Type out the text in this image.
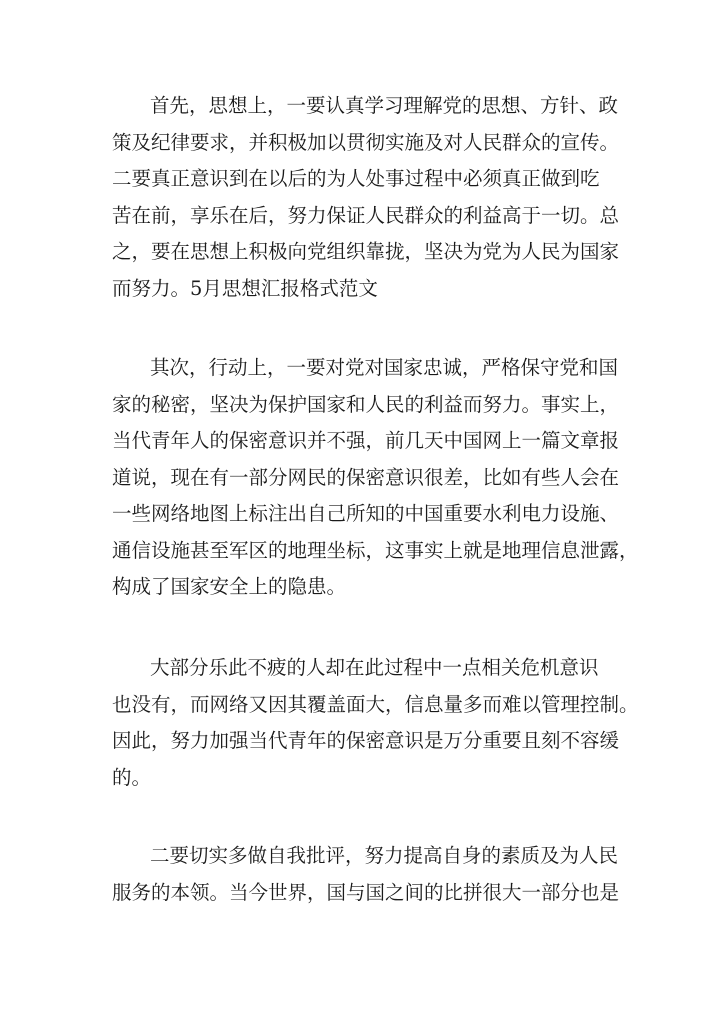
首先，思想上，一要认真学习理解党的思想、方针、政
策及纪律要求，并积极加以贯彻实施及对人民群众的宣传。
二要真正意识到在以后的为人处事过程中必须真正做到吃
苦在前，享乐在后，努力保证人民群众的利益高于一切。总
之，要在思想上积极向党组织靠拢，坚决为党为人民为国家
而努力。5月思想汇报格式范文
其次，行动上，一要对党对国家忠诚，严格保守党和国
家的秘密，坚决为保护国家和人民的利益而努力。事实上，
当代青年人的保密意识并不强，前几天中国网上一篇文章报
道说，现在有一部分网民的保密意识很差，比如有些人会在
一些网络地图上标注出自己所知的中国重要水利电力设施、
通信设施甚至军区的地理坐标，这事实上就是地理信息泄露，
构成了国家安全上的隐患。
大部分乐此不疲的人却在此过程中一点相关危机意识
也没有，而网络又因其覆盖面大，信息量多而难以管理控制。
因此，努力加强当代青年的保密意识是万分重要且刻不容缓
的。
二要切实多做自我批评，努力提高自身的素质及为人民
服务的本领。当今世界，国与国之间的比拼很大一部分也是
